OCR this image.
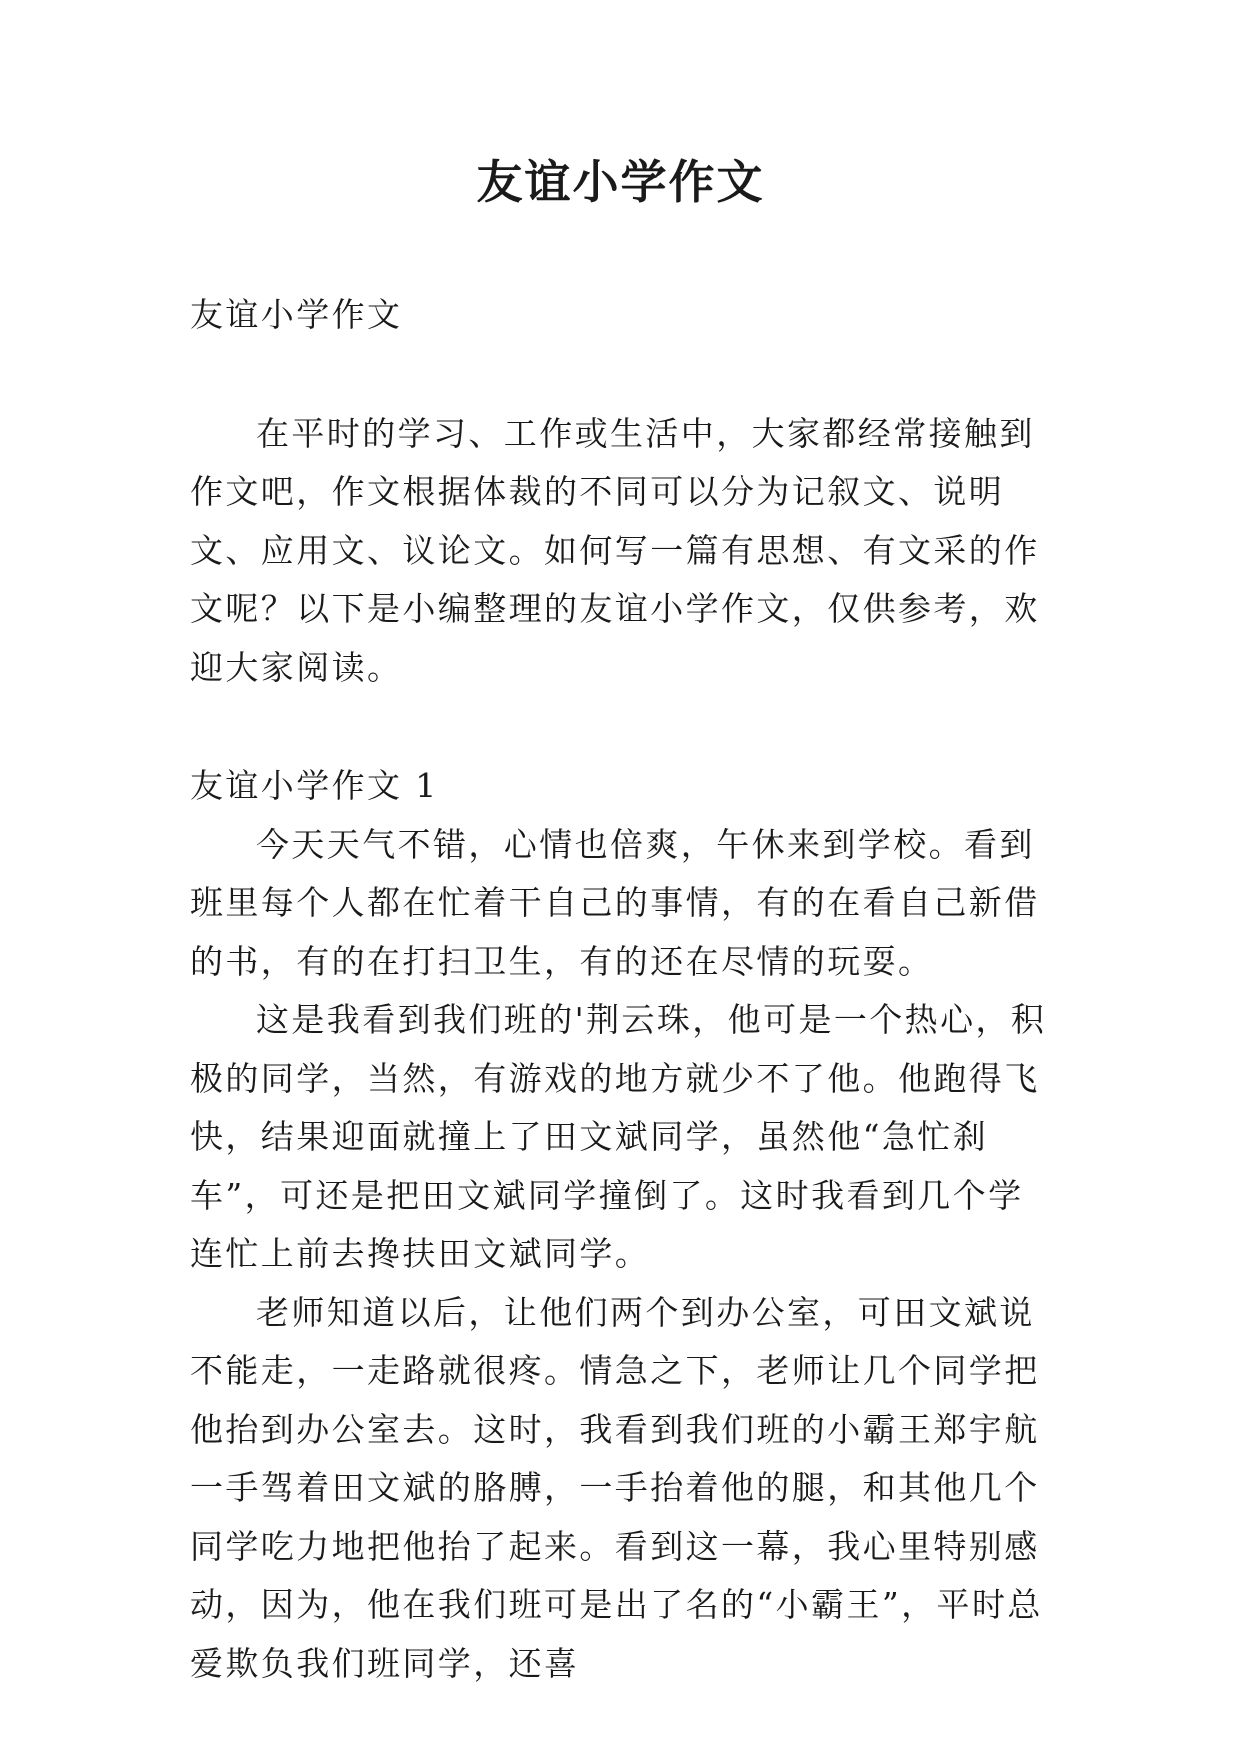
友谊小学作文

友谊小学作文

在平时的学习、工作或生活中，大家都经常接触到作文吧，作文根据体裁的不同可以分为记叙文、说明文、应用文、议论文。如何写一篇有思想、有文采的作文呢？以下是小编整理的友谊小学作文，仅供参考，欢迎大家阅读。

友谊小学作文 1

今天天气不错，心情也倍爽，午休来到学校。看到班里每个人都在忙着干自己的事情，有的在看自己新借的书，有的在打扫卫生，有的还在尽情的玩耍。

这是我看到我们班的'荆云珠，他可是一个热心，积极的同学，当然，有游戏的地方就少不了他。他跑得飞快，结果迎面就撞上了田文斌同学，虽然他“急忙刹车”，可还是把田文斌同学撞倒了。这时我看到几个学连忙上前去搀扶田文斌同学。

老师知道以后，让他们两个到办公室，可田文斌说不能走，一走路就很疼。情急之下，老师让几个同学把他抬到办公室去。这时，我看到我们班的小霸王郑宇航一手驾着田文斌的胳膊，一手抬着他的腿，和其他几个同学吃力地把他抬了起来。看到这一幕，我心里特别感动，因为，他在我们班可是出了名的“小霸王”，平时总爱欺负我们班同学，还喜
